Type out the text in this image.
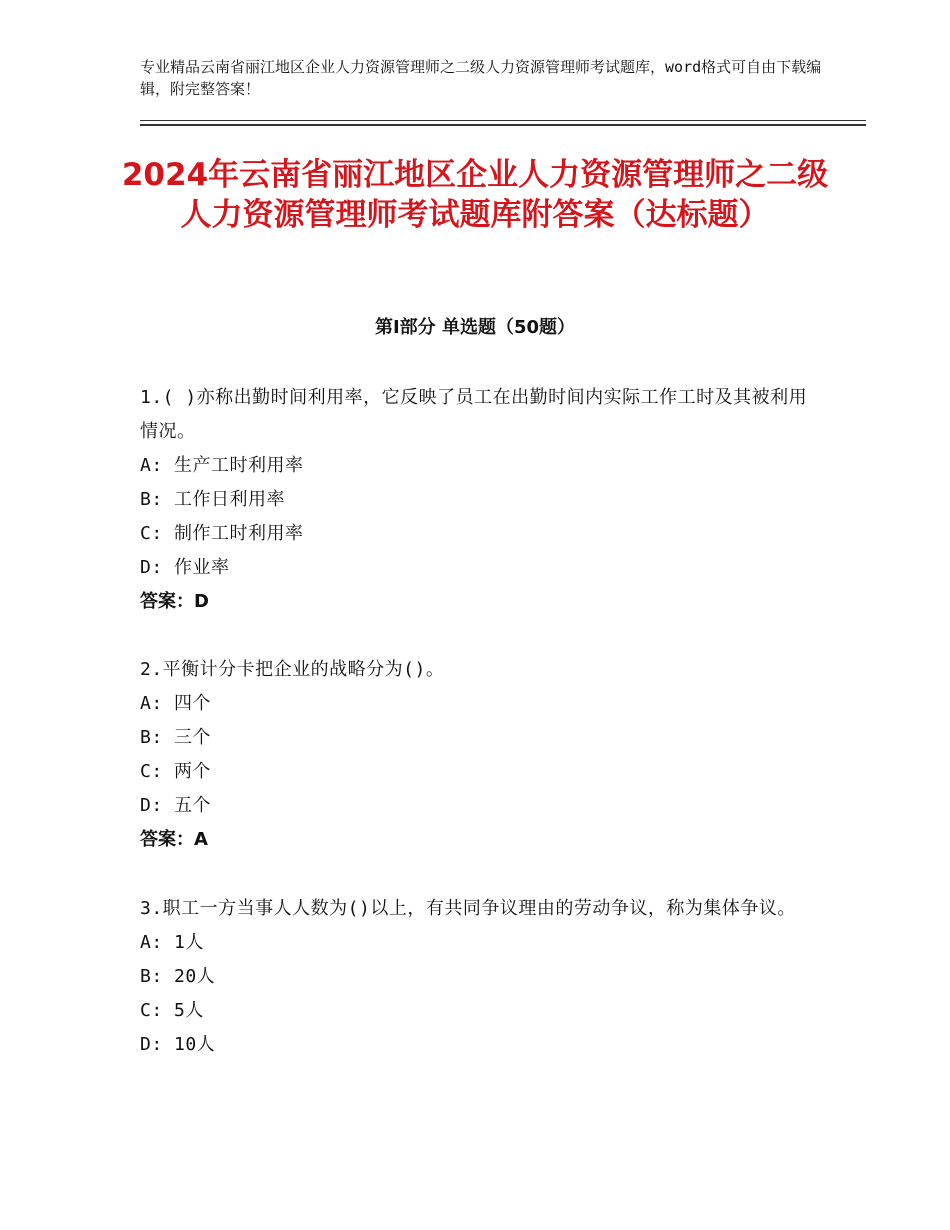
专业精品云南省丽江地区企业人力资源管理师之二级人力资源管理师考试题库，word格式可自由下载编辑，附完整答案！
2024年云南省丽江地区企业人力资源管理师之二级人力资源管理师考试题库附答案（达标题）
第Ⅰ部分 单选题（50题）

1.( )亦称出勤时间利用率，它反映了员工在出勤时间内实际工作工时及其被利用情况。

A: 生产工时利用率

B: 工作日利用率

C: 制作工时利用率

D: 作业率

答案：D

2.平衡计分卡把企业的战略分为()。

A: 四个

B: 三个

C: 两个

D: 五个

答案：A

3.职工一方当事人人数为()以上，有共同争议理由的劳动争议，称为集体争议。

A: 1人

B: 20人

C: 5人

D: 10人
